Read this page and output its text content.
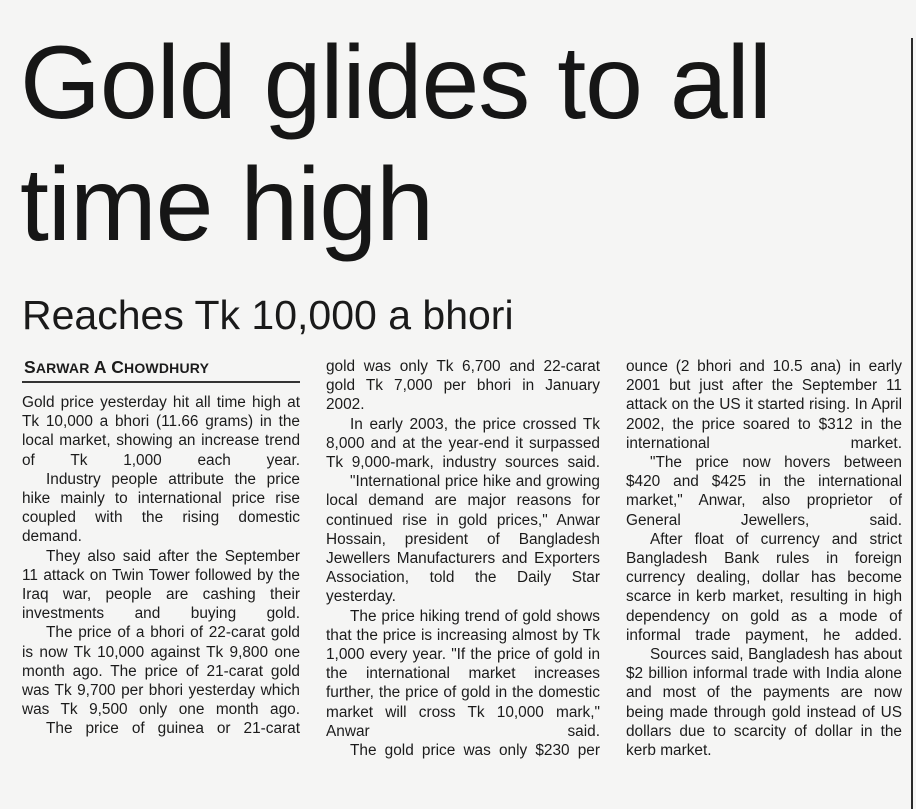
Gold glides to all
time high
Reaches Tk 10,000 a bhori
SARWAR A CHOWDHURY

Gold price yesterday hit all time high at Tk 10,000 a bhori (11.66 grams) in the local market, showing an increase trend of Tk 1,000 each year.

Industry people attribute the price hike mainly to international price rise coupled with the rising domestic demand.

They also said after the September 11 attack on Twin Tower followed by the Iraq war, people are cashing their investments and buying gold.

The price of a bhori of 22-carat gold is now Tk 10,000 against Tk 9,800 one month ago. The price of 21-carat gold was Tk 9,700 per bhori yesterday which was Tk 9,500 only one month ago.

The price of guinea or 21-carat

gold was only Tk 6,700 and 22-carat gold Tk 7,000 per bhori in January 2002.

In early 2003, the price crossed Tk 8,000 and at the year-end it surpassed Tk 9,000-mark, industry sources said.

"International price hike and growing local demand are major reasons for continued rise in gold prices," Anwar Hossain, president of Bangladesh Jewellers Manufacturers and Exporters Association, told the Daily Star yesterday.

The price hiking trend of gold shows that the price is increasing almost by Tk 1,000 every year. "If the price of gold in the international market increases further, the price of gold in the domestic market will cross Tk 10,000 mark," Anwar said.

The gold price was only $230 per

ounce (2 bhori and 10.5 ana) in early 2001 but just after the September 11 attack on the US it started rising. In April 2002, the price soared to $312 in the international market.

"The price now hovers between $420 and $425 in the international market," Anwar, also proprietor of General Jewellers, said.

After float of currency and strict Bangladesh Bank rules in foreign currency dealing, dollar has become scarce in kerb market, resulting in high dependency on gold as a mode of informal trade payment, he added.

Sources said, Bangladesh has about $2 billion informal trade with India alone and most of the payments are now being made through gold instead of US dollars due to scarcity of dollar in the kerb market.
